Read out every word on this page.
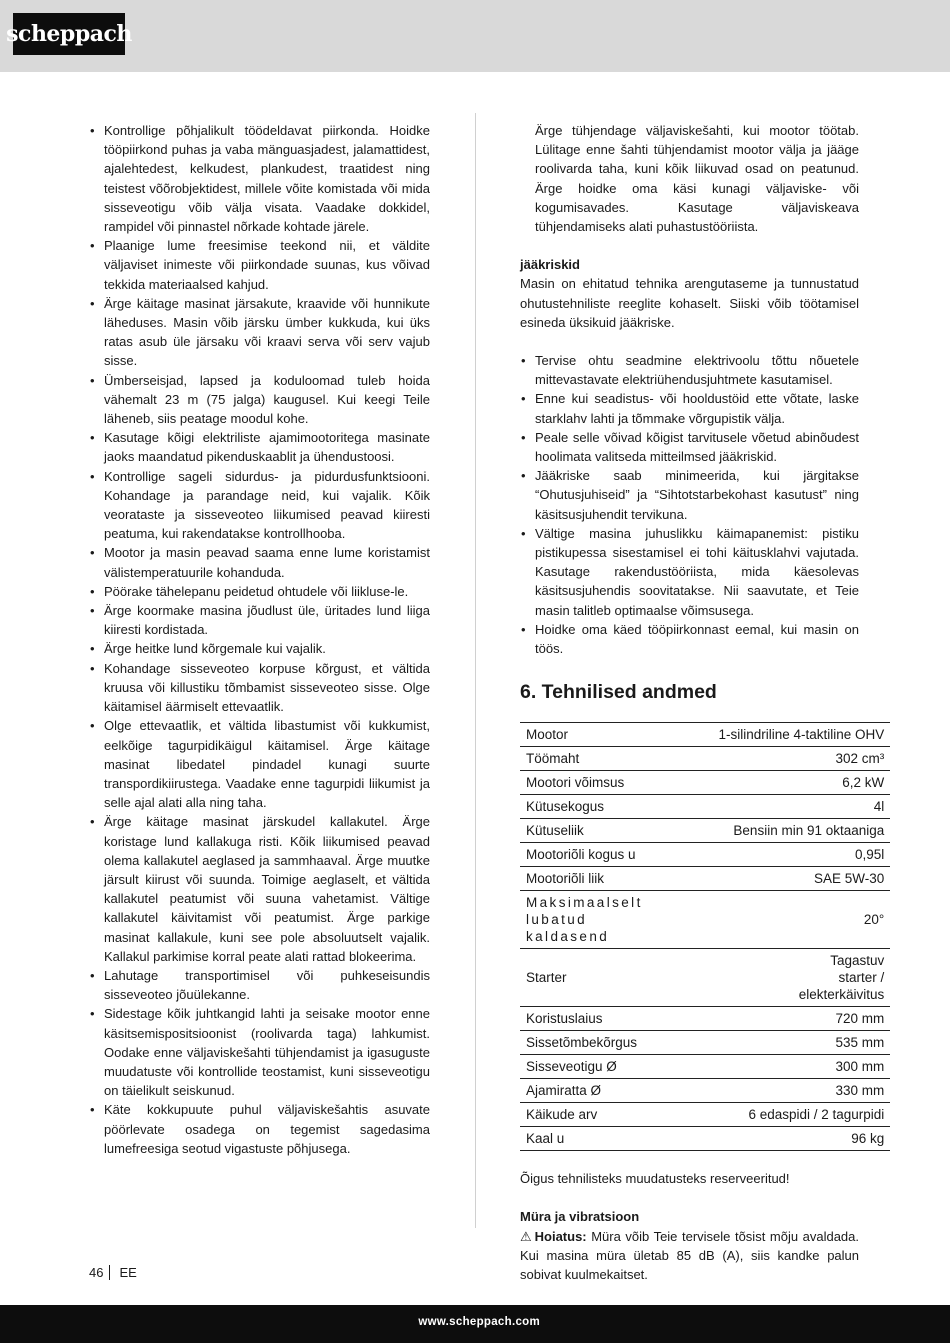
scheppach
• Kontrollige põhjalikult töödeldavat piirkonda. Hoidke tööpiirkond puhas ja vaba mänguasjadest, jalamattidest, ajalehtedest, kelkudest, plankudest, traatidest ning teistest võõrobjektidest, millele võite komistada või mida sisseveotigu võib välja visata. Vaadake dokkidel, rampidel või pinnastel nõrkade kohtade järele.
• Plaanige lume freesimise teekond nii, et väldite väljaviset inimeste või piirkondade suunas, kus võivad tekkida materiaalsed kahjud.
• Ärge käitage masinat järsakute, kraavide või hunnikute läheduses. Masin võib järsku ümber kukkuda, kui üks ratas asub üle järsaku või kraavi serva või serv vajub sisse.
• Ümberseisjad, lapsed ja koduloomad tuleb hoida vähemalt 23 m (75 jalga) kaugusel. Kui keegi Teile läheneb, siis peatage moodul kohe.
• Kasutage kõigi elektriliste ajamimootoritega masinate jaoks maandatud pikenduskaablit ja ühendustoosi.
• Kontrollige sageli sidurdus- ja pidurdusfunktsiooni. Kohandage ja parandage neid, kui vajalik. Kõik veorataste ja sisseveoteo liikumised peavad kiiresti peatuma, kui rakendatakse kontrollhooba.
• Mootor ja masin peavad saama enne lume koristamist välistemperatuurile kohanduda.
• Pöörake tähelepanu peidetud ohtudele või liikluse-le.
• Ärge koormake masina jõudlust üle, üritades lund liiga kiiresti kordistada.
• Ärge heitke lund kõrgemale kui vajalik.
• Kohandage sisseveoteo korpuse kõrgust, et vältida kruusa või killustiku tõmbamist sisseveoteo sisse. Olge käitamisel äärmiselt ettevaatlik.
• Olge ettevaatlik, et vältida libastumist või kukkumist, eelkõige tagurpidikäigul käitamisel. Ärge käitage masinat libedatel pindadel kunagi suurte transpordikiirustega. Vaadake enne tagurpidi liikumist ja selle ajal alati alla ning taha.
• Ärge käitage masinat järskudel kallakutel. Ärge koristage lund kallakuga risti. Kõik liikumised peavad olema kallakutel aeglased ja sammhaaval. Ärge muutke järsult kiirust või suunda. Toimige aeglaselt, et vältida kallakutel peatumist või suuna vahetamist. Vältige kallakutel käivitamist või peatumist. Ärge parkige masinat kallakule, kuni see pole absoluutselt vajalik. Kallakul parkimise korral peate alati rattad blokeerima.
• Lahutage transportimisel või puhkeseisundis sisseveoteo jõuülekanne.
• Sidestage kõik juhtkangid lahti ja seisake mootor enne käsitsemispositsioonist (roolivarda taga) lahkumist. Oodake enne väljaviskešahti tühjendamist ja igasuguste muudatuste või kontrollide teostamist, kuni sisseveotigu on täielikult seiskunud.
• Käte kokkupuute puhul väljaviskešahtis asuvate pöörlevate osadega on tegemist sagedasima lumefreesiga seotud vigastuste põhjusega.

Ärge tühjendage väljaviskešahti, kui mootor töötab. Lülitage enne šahti tühjendamist mootor välja ja jääge roolivarda taha, kuni kõik liikuvad osad on peatunud. Ärge hoidke oma käsi kunagi väljaviske- või kogumisavades. Kasutage väljaviskeava tühjendamiseks alati puhastustööriista.

jääkriskid

Masin on ehitatud tehnika arengutaseme ja tunnustatud ohutustehniliste reeglite kohaselt. Siiski võib töötamisel esineda üksikuid jääkriske.

• Tervise ohtu seadmine elektrivoolu tõttu nõuetele mittevastavate elektriühendusjuhtmete kasutamisel.
• Enne kui seadistus- või hooldustöid ette võtate, laske starklahv lahti ja tõmmake võrgupistik välja.
• Peale selle võivad kõigist tarvitusele võetud abinõudest hoolimata valitseda mitteilmsed jääkriskid.
• Jääkriske saab minimeerida, kui järgitakse “Ohutusjuhiseid” ja “Sihtotstarbekohast kasutust” ning käsitsusjuhendit tervikuna.
• Vältige masina juhuslikku käimapanemist: pistiku pistikupessa sisestamisel ei tohi käitusklahvi vajutada. Kasutage rakendustööriista, mida käesolevas käsitsusjuhendis soovitatakse. Nii saavutate, et Teie masin talitleb optimaalse võimsusega.
• Hoidke oma käed tööpiirkonnast eemal, kui masin on töös.

6. Tehnilised andmed

Mootor	1-silindriline 4-taktiline OHV
Töömaht	302 cm³
Mootori võimsus	6,2 kW
Kütusekogus	4l
Kütuseliik	Bensiin min 91 oktaaniga
Mootoriõli kogus u	0,95l
Mootoriõli liik	SAE 5W-30
Maksimaalselt lubatud kaldasend	20°
Starter	Tagastuv starter / elekterkäivitus
Koristuslaius	720 mm
Sissetõmbekõrgus	535 mm
Sisseveotigu Ø	300 mm
Ajamiratta Ø	330 mm
Käikude arv	6 edaspidi / 2 tagurpidi
Kaal u	96 kg

Õigus tehnilisteks muudatusteks reserveeritud!

Müra ja vibratsioon

⚠ Hoiatus: Müra võib Teie tervisele tõsist mõju avaldada. Kui masina müra ületab 85 dB (A), siis kandke palun sobivat kuulmekaitset.

46 EE
www.scheppach.com
